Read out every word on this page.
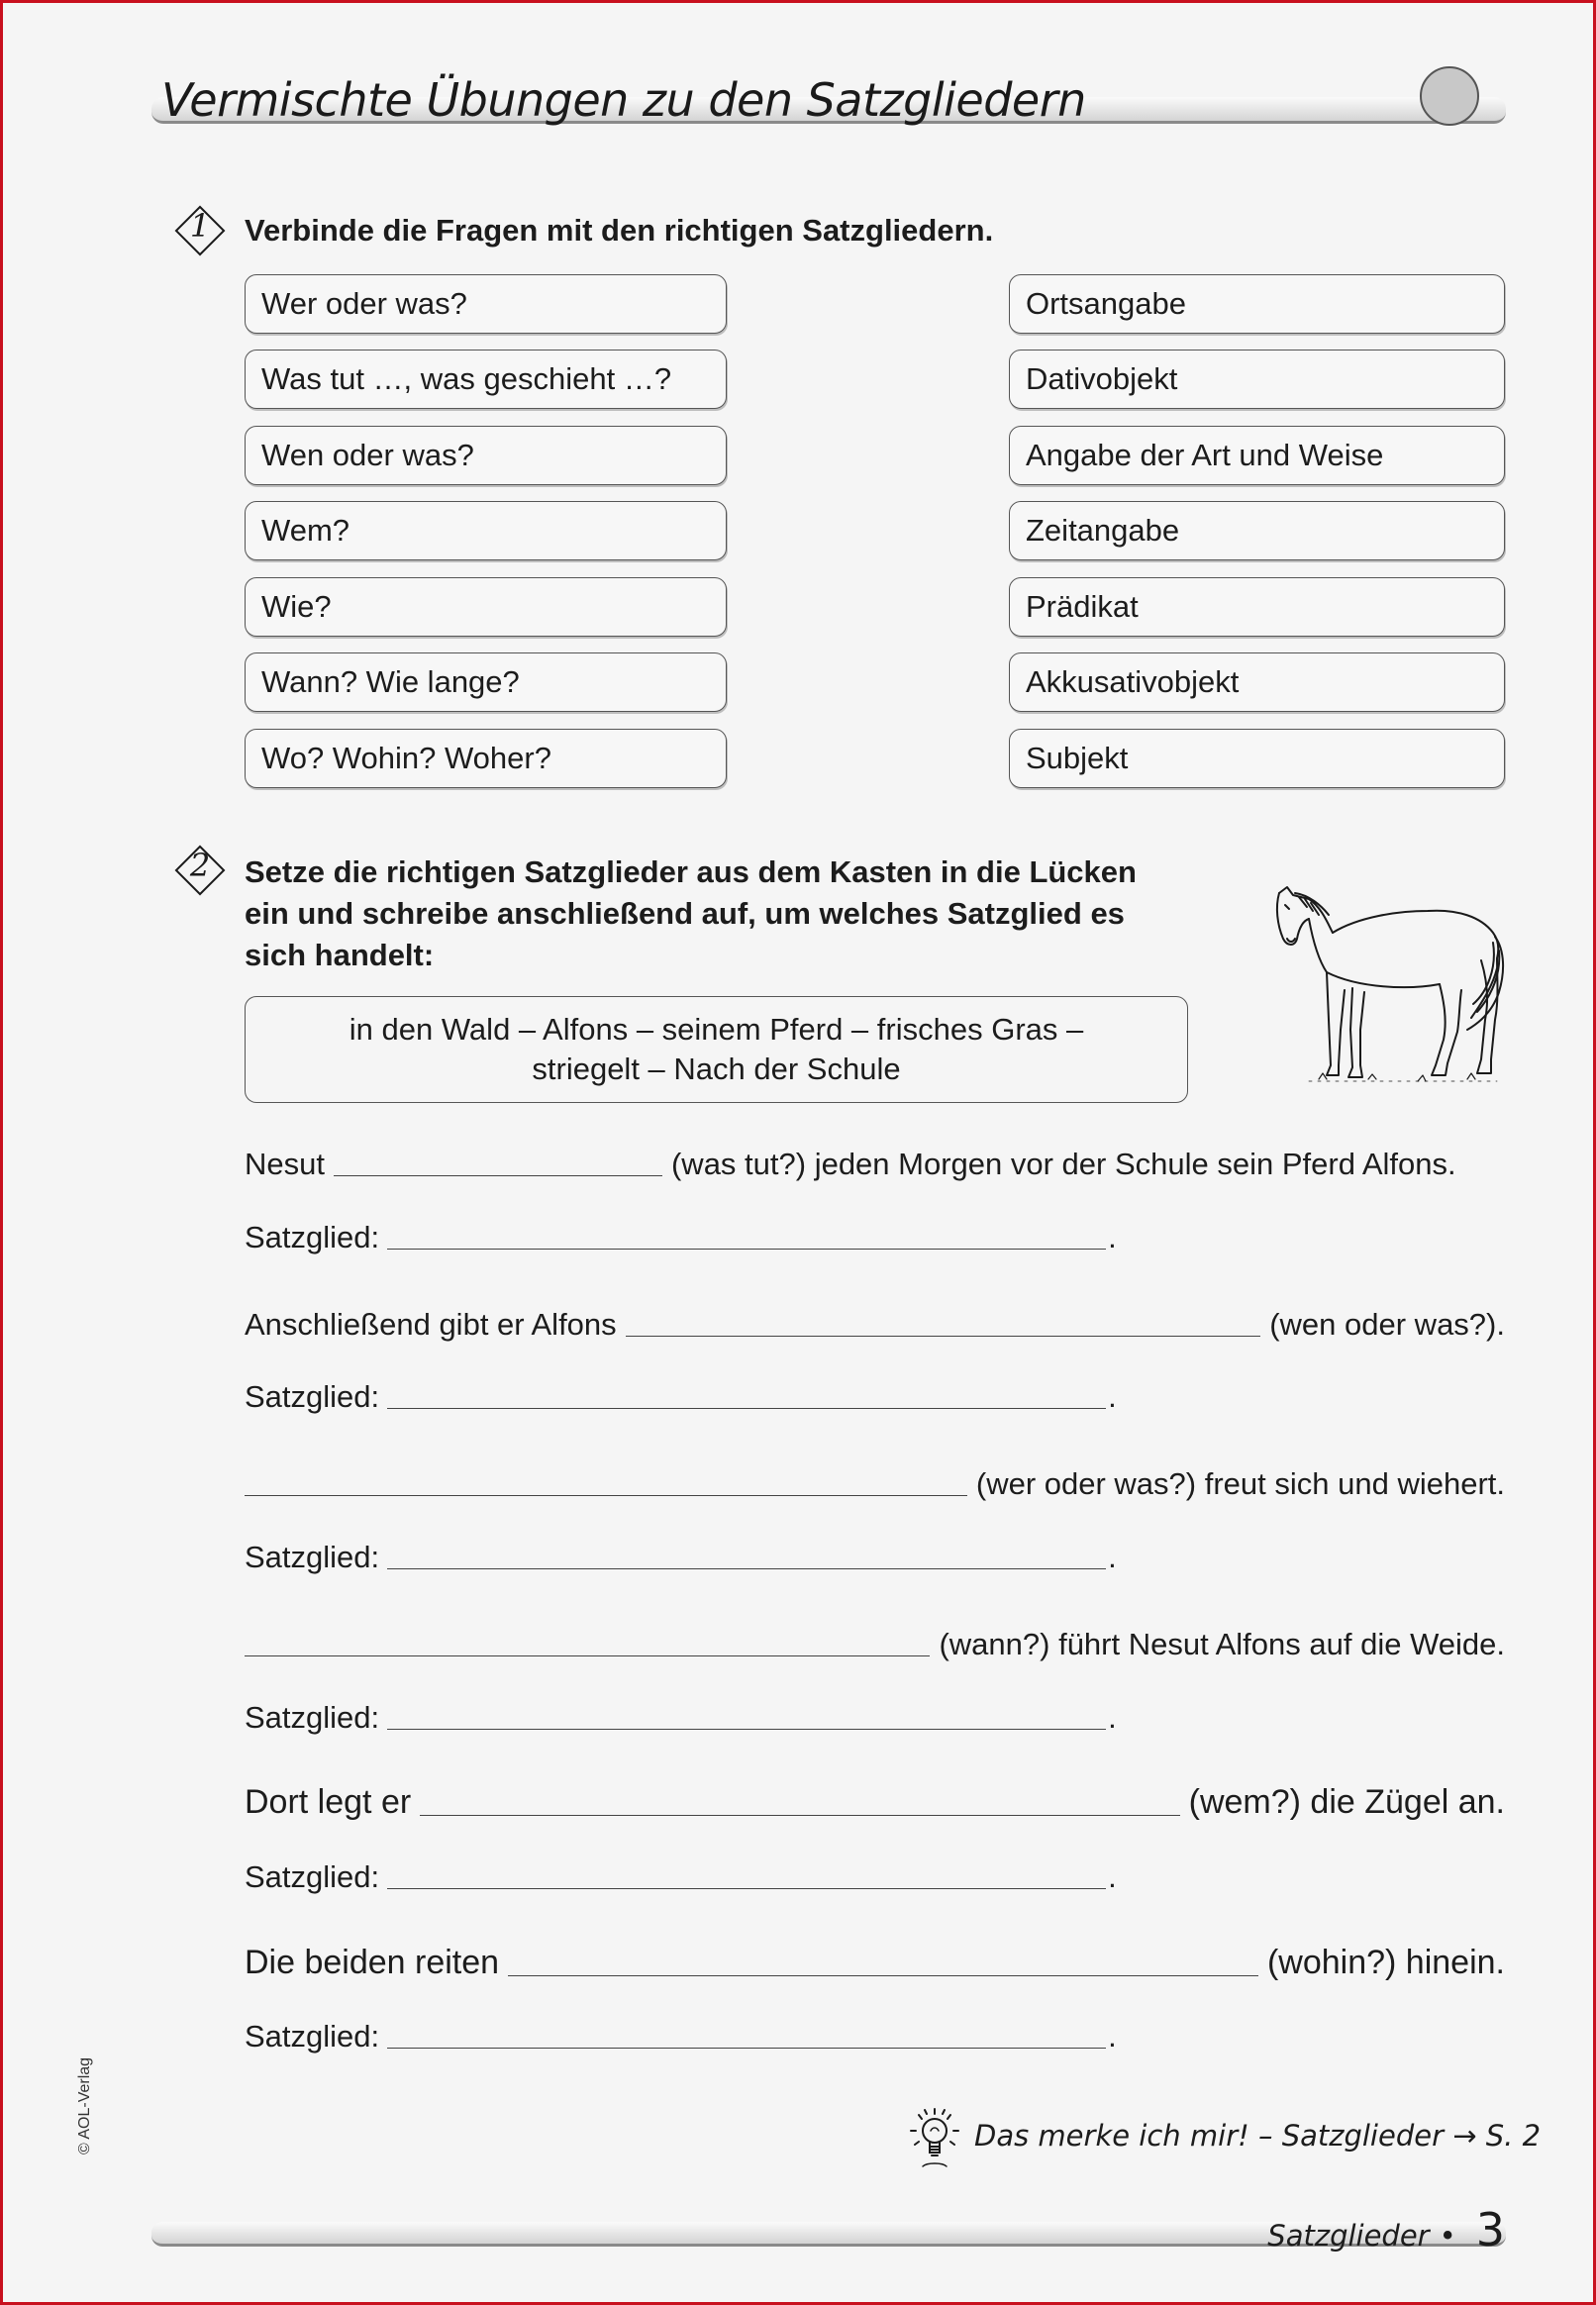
Vermischte Übungen zu den Satzgliedern
1	Verbinde die Fragen mit den richtigen Satzgliedern.

Wer oder was?
Was tut …, was geschieht …?
Wen oder was?
Wem?
Wie?
Wann? Wie lange?
Wo? Wohin? Woher?
Ortsangabe
Dativobjekt
Angabe der Art und Weise
Zeitangabe
Prädikat
Akkusativobjekt
Subjekt
2	Setze die richtigen Satzglieder aus dem Kasten in die Lücken
ein und schreibe anschließend auf, um welches Satzglied es
sich handelt:
in den Wald – Alfons – seinem Pferd – frisches Gras –
striegelt – Nach der Schule
Nesut	(was tut?) jeden Morgen vor der Schule sein Pferd Alfons.
Satzglied:	.
Anschließend gibt er Alfons	(wen oder was?).
Satzglied:	.
(wer oder was?) freut sich und wiehert.
Satzglied:	.
(wann?) führt Nesut Alfons auf die Weide.
Satzglied:	.
Dort legt er	(wem?) die Zügel an.
Satzglied:	.
Die beiden reiten	(wohin?) hinein.
Satzglied:	.
Das merke ich mir! – Satzglieder → S. 2
Satzglieder • 3
© AOL-Verlag
